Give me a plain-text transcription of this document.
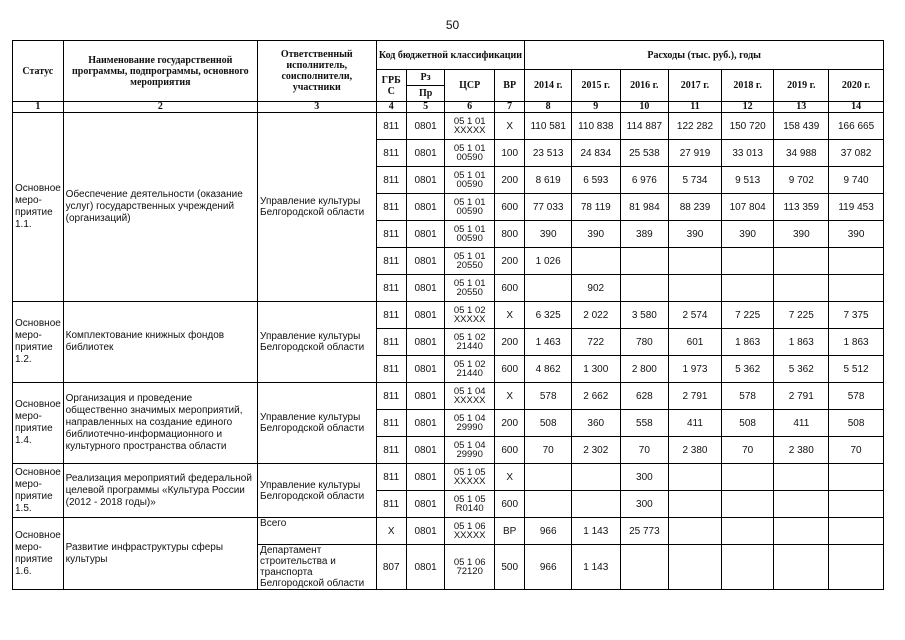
50
Статус	Наименование государственной программы, подпрограммы, основного мероприятия	Ответственный исполнитель, соисполнители, участники	Код бюджетной классификации				Расходы (тыс. руб.), годы						
			ГРБ С	Рз	ЦСР	ВР	2014 г.	2015 г.	2016 г.	2017 г.	2018 г.	2019 г.	2020 г.
				Пр									
1	2	3	4	5	6	7	8	9	10	11	12	13	14
Основное меро-приятие 1.1.	Обеспечение деятельности (оказание услуг) государственных учреждений (организаций)	Управление культуры Белгородской области	811	0801	05 1 01 ХХХХХ	Х	110 581	110 838	114 887	122 282	150 720	158 439	166 665
			811	0801	05 1 01 00590	100	23 513	24 834	25 538	27 919	33 013	34 988	37 082
			811	0801	05 1 01 00590	200	8 619	6 593	6 976	5 734	9 513	9 702	9 740
			811	0801	05 1 01 00590	600	77 033	78 119	81 984	88 239	107 804	113 359	119 453
			811	0801	05 1 01 00590	800	390	390	389	390	390	390	390
			811	0801	05 1 01 20550	200	1 026						
			811	0801	05 1 01 20550	600		902					
Основное меро-приятие 1.2.	Комплектование книжных фондов библиотек	Управление культуры Белгородской области	811	0801	05 1 02 ХХХХХ	Х	6 325	2 022	3 580	2 574	7 225	7 225	7 375
			811	0801	05 1 02 21440	200	1 463	722	780	601	1 863	1 863	1 863
			811	0801	05 1 02 21440	600	4 862	1 300	2 800	1 973	5 362	5 362	5 512
Основное меро-приятие 1.4.	Организация и проведение общественно значимых мероприятий, направленных на создание единого библиотечно-информационного и культурного пространства области	Управление культуры Белгородской области	811	0801	05 1 04 ХХХХХ	Х	578	2 662	628	2 791	578	2 791	578
			811	0801	05 1 04 29990	200	508	360	558	411	508	411	508
			811	0801	05 1 04 29990	600	70	2 302	70	2 380	70	2 380	70
Основное меро-приятие 1.5.	Реализация мероприятий федеральной целевой программы «Культура России (2012 - 2018 годы)»	Управление культуры Белгородской области	811	0801	05 1 05 ХХХХХ	Х			300				
			811	0801	05 1 05 R0140	600			300				
Основное меро-приятие 1.6.	Развитие инфраструктуры сферы культуры	Всего	Х	0801	05 1 06 ХХХХХ	ВР	966	1 143	25 773				
		Департамент строительства и транспорта Белгородской области	807	0801	05 1 06 72120	500	966	1 143					
